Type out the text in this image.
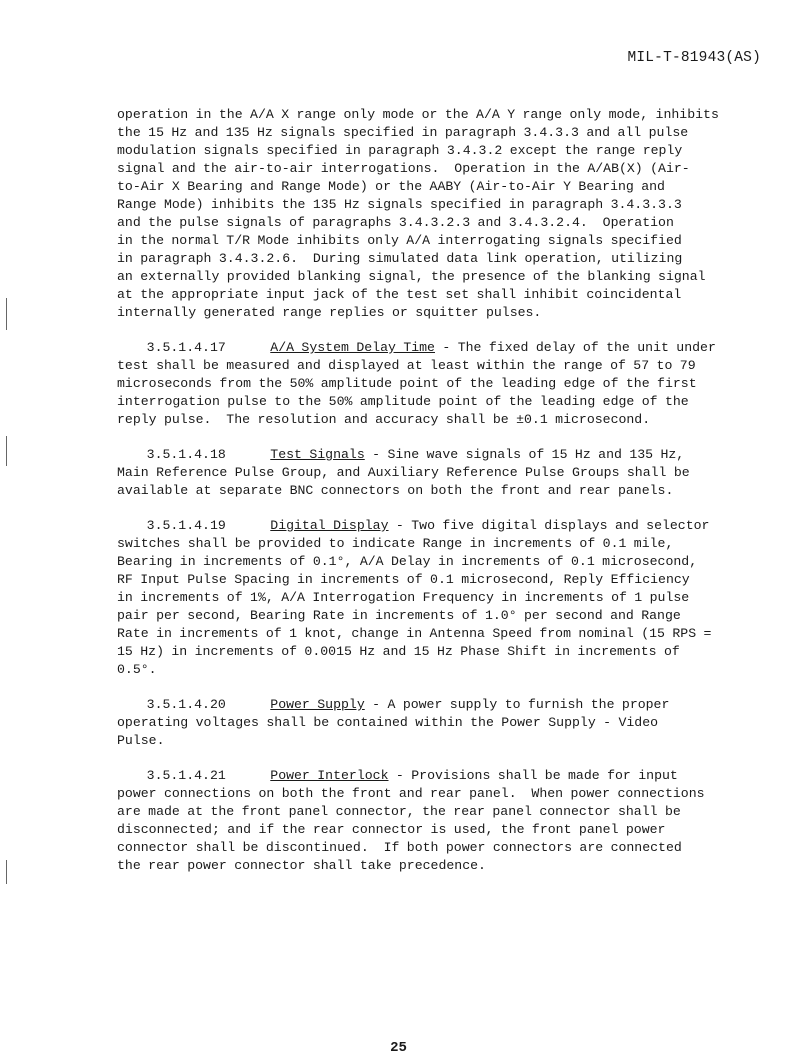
MIL-T-81943(AS)

operation in the A/A X range only mode or the A/A Y range only mode, inhibits
the 15 Hz and 135 Hz signals specified in paragraph 3.4.3.3 and all pulse
modulation signals specified in paragraph 3.4.3.2 except the range reply
signal and the air-to-air interrogations.  Operation in the A/AB(X) (Air-
to-Air X Bearing and Range Mode) or the AABY (Air-to-Air Y Bearing and
Range Mode) inhibits the 135 Hz signals specified in paragraph 3.4.3.3.3
and the pulse signals of paragraphs 3.4.3.2.3 and 3.4.3.2.4.  Operation
in the normal T/R Mode inhibits only A/A interrogating signals specified
in paragraph 3.4.3.2.6.  During simulated data link operation, utilizing
an externally provided blanking signal, the presence of the blanking signal
at the appropriate input jack of the test set shall inhibit coincidental
internally generated range replies or squitter pulses.

3.5.1.4.17	A/A System Delay Time - The fixed delay of the unit under
test shall be measured and displayed at least within the range of 57 to 79
microseconds from the 50% amplitude point of the leading edge of the first
interrogation pulse to the 50% amplitude point of the leading edge of the
reply pulse.  The resolution and accuracy shall be ±0.1 microsecond.

3.5.1.4.18	Test Signals - Sine wave signals of 15 Hz and 135 Hz,
Main Reference Pulse Group, and Auxiliary Reference Pulse Groups shall be
available at separate BNC connectors on both the front and rear panels.

3.5.1.4.19	Digital Display - Two five digital displays and selector
switches shall be provided to indicate Range in increments of 0.1 mile,
Bearing in increments of 0.1°, A/A Delay in increments of 0.1 microsecond,
RF Input Pulse Spacing in increments of 0.1 microsecond, Reply Efficiency
in increments of 1%, A/A Interrogation Frequency in increments of 1 pulse
pair per second, Bearing Rate in increments of 1.0° per second and Range
Rate in increments of 1 knot, change in Antenna Speed from nominal (15 RPS =
15 Hz) in increments of 0.0015 Hz and 15 Hz Phase Shift in increments of
0.5°.

3.5.1.4.20	Power Supply - A power supply to furnish the proper
operating voltages shall be contained within the Power Supply - Video
Pulse.

3.5.1.4.21	Power Interlock - Provisions shall be made for input
power connections on both the front and rear panel.  When power connections
are made at the front panel connector, the rear panel connector shall be
disconnected; and if the rear connector is used, the front panel power
connector shall be discontinued.  If both power connectors are connected
the rear power connector shall take precedence.

25
